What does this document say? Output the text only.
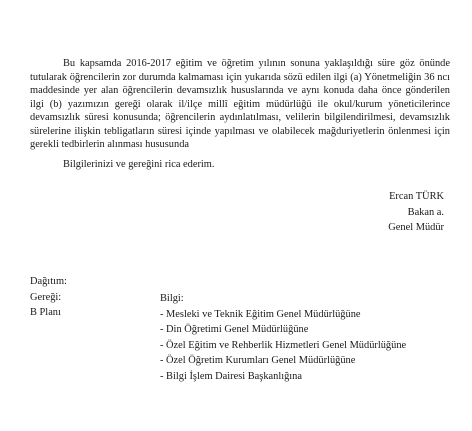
Bu kapsamda 2016-2017 eğitim ve öğretim yılının sonuna yaklaşıldığı süre göz önünde tutularak öğrencilerin zor durumda kalmaması için yukarıda sözü edilen ilgi (a) Yönetmeliğin 36 ncı maddesinde yer alan öğrencilerin devamsızlık hususlarında ve aynı konuda daha önce gönderilen ilgi (b) yazımızın gereği olarak il/ilçe millî eğitim müdürlüğü ile okul/kurum yöneticilerince devamsızlık süresi konusunda; öğrencilerin aydınlatılması, velilerin bilgilendirilmesi, devamsızlık sürelerine ilişkin tebligatların süresi içinde yapılması ve olabilecek mağduriyetlerin önlenmesi için gerekli tedbirlerin alınması hususunda

Bilgilerinizi ve gereğini rica ederim.

Ercan TÜRK
Bakan a.
Genel Müdür
Dağıtım:
Gereği:
B Planı
Bilgi:
- Mesleki ve Teknik Eğitim Genel Müdürlüğüne
- Din Öğretimi Genel Müdürlüğüne
- Özel Eğitim ve Rehberlik Hizmetleri Genel Müdürlüğüne
- Özel Öğretim Kurumları Genel Müdürlüğüne
- Bilgi İşlem Dairesi Başkanlığına
